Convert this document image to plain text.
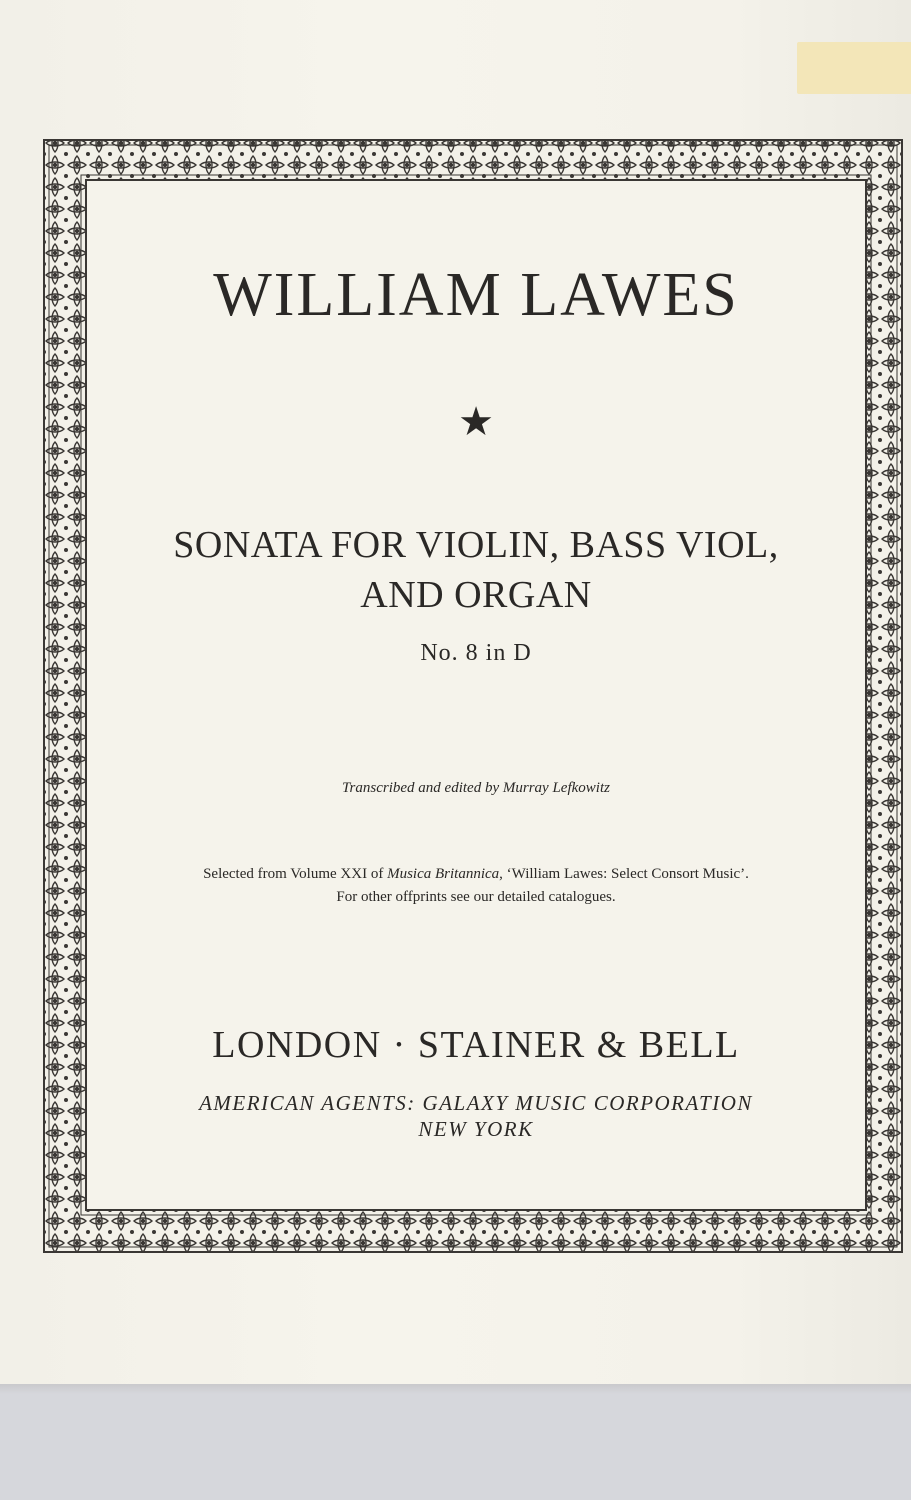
WILLIAM LAWES
★
SONATA FOR VIOLIN, BASS VIOL,
AND ORGAN
No. 8 in D
Transcribed and edited by Murray Lefkowitz
Selected from Volume XXI of Musica Britannica, ‘William Lawes: Select Consort Music’.
For other offprints see our detailed catalogues.
LONDON · STAINER & BELL
AMERICAN AGENTS: GALAXY MUSIC CORPORATION
NEW YORK
